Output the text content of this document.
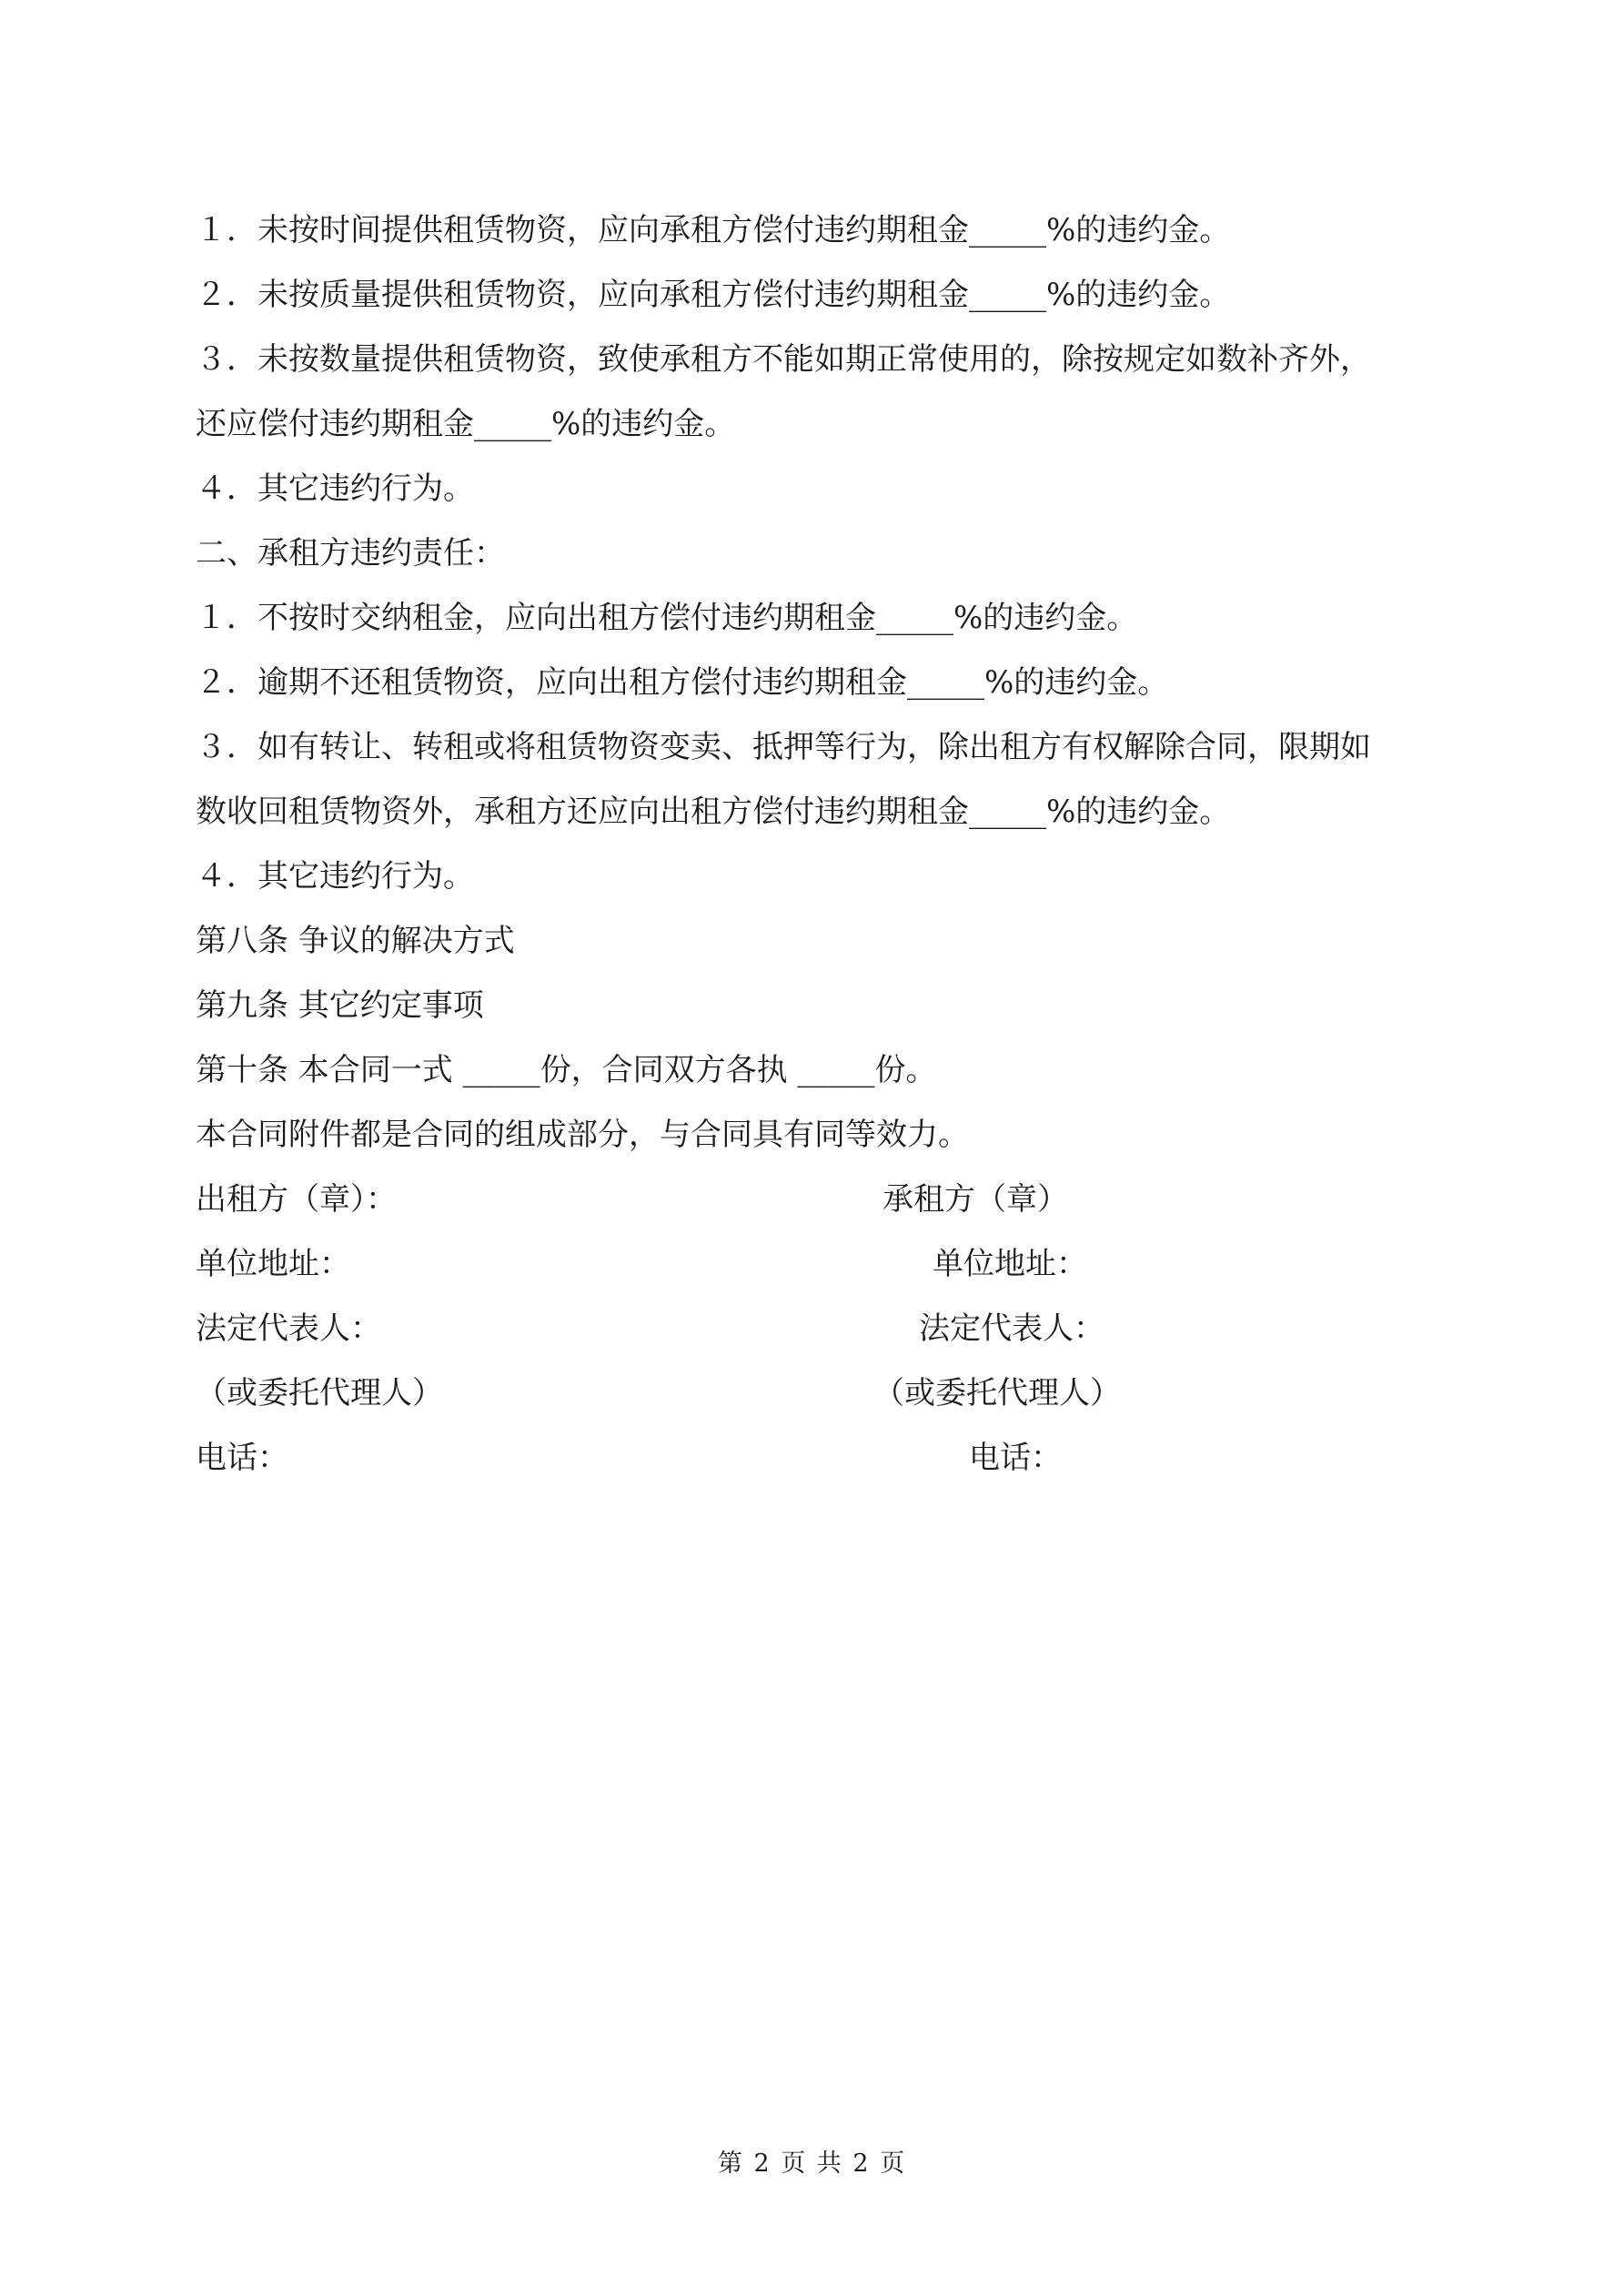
１．未按时间提供租赁物资，应向承租方偿付违约期租金_____%的违约金。

２．未按质量提供租赁物资，应向承租方偿付违约期租金_____%的违约金。

３．未按数量提供租赁物资，致使承租方不能如期正常使用的，除按规定如数补齐外，

还应偿付违约期租金_____%的违约金。

４．其它违约行为。

二、承租方违约责任：

１．不按时交纳租金，应向出租方偿付违约期租金_____%的违约金。

２．逾期不还租赁物资，应向出租方偿付违约期租金_____%的违约金。

３．如有转让、转租或将租赁物资变卖、抵押等行为，除出租方有权解除合同，限期如

数收回租赁物资外，承租方还应向出租方偿付违约期租金_____%的违约金。

４．其它违约行为。

第八条 争议的解决方式

第九条 其它约定事项

第十条 本合同一式 _____份，合同双方各执 _____份。

本合同附件都是合同的组成部分，与合同具有同等效力。

出租方（章）：	承租方（章）
单位地址：	单位地址：
法定代表人：	法定代表人：
（或委托代理人）	（或委托代理人）
电话：	电话：
第 2 页 共 2 页
